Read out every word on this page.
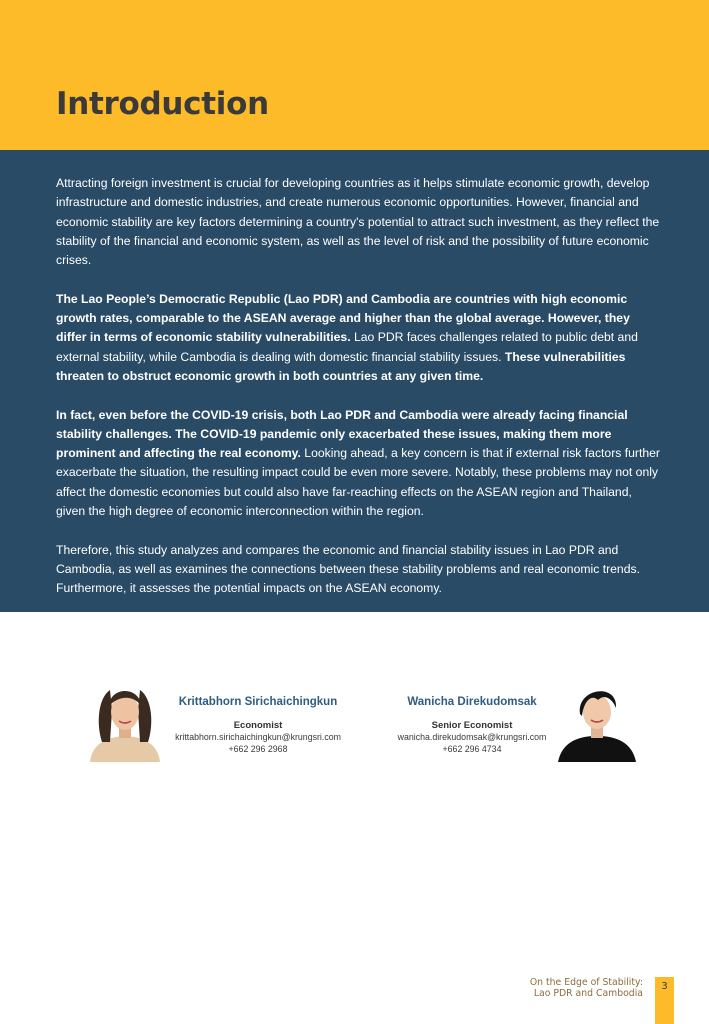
Introduction

Attracting foreign investment is crucial for developing countries as it helps stimulate economic growth, develop infrastructure and domestic industries, and create numerous economic opportunities. However, financial and economic stability are key factors determining a country's potential to attract such investment, as they reflect the stability of the financial and economic system, as well as the level of risk and the possibility of future economic crises.

The Lao People’s Democratic Republic (Lao PDR) and Cambodia are countries with high economic growth rates, comparable to the ASEAN average and higher than the global average. However, they differ in terms of economic stability vulnerabilities. Lao PDR faces challenges related to public debt and external stability, while Cambodia is dealing with domestic financial stability issues. These vulnerabilities threaten to obstruct economic growth in both countries at any given time.

In fact, even before the COVID-19 crisis, both Lao PDR and Cambodia were already facing financial stability challenges. The COVID-19 pandemic only exacerbated these issues, making them more prominent and affecting the real economy. Looking ahead, a key concern is that if external risk factors further exacerbate the situation, the resulting impact could be even more severe. Notably, these problems may not only affect the domestic economies but could also have far-reaching effects on the ASEAN region and Thailand, given the high degree of economic interconnection within the region.

Therefore, this study analyzes and compares the economic and financial stability issues in Lao PDR and Cambodia, as well as examines the connections between these stability problems and real economic trends. Furthermore, it assesses the potential impacts on the ASEAN economy.

Krittabhorn Sirichaichingkun
Economist
krittabhorn.sirichaichingkun@krungsri.com
+662 296 2968
Wanicha Direkudomsak
Senior Economist
wanicha.direkudomsak@krungsri.com
+662 296 4734
On the Edge of Stability:
Lao PDR and Cambodia
3
